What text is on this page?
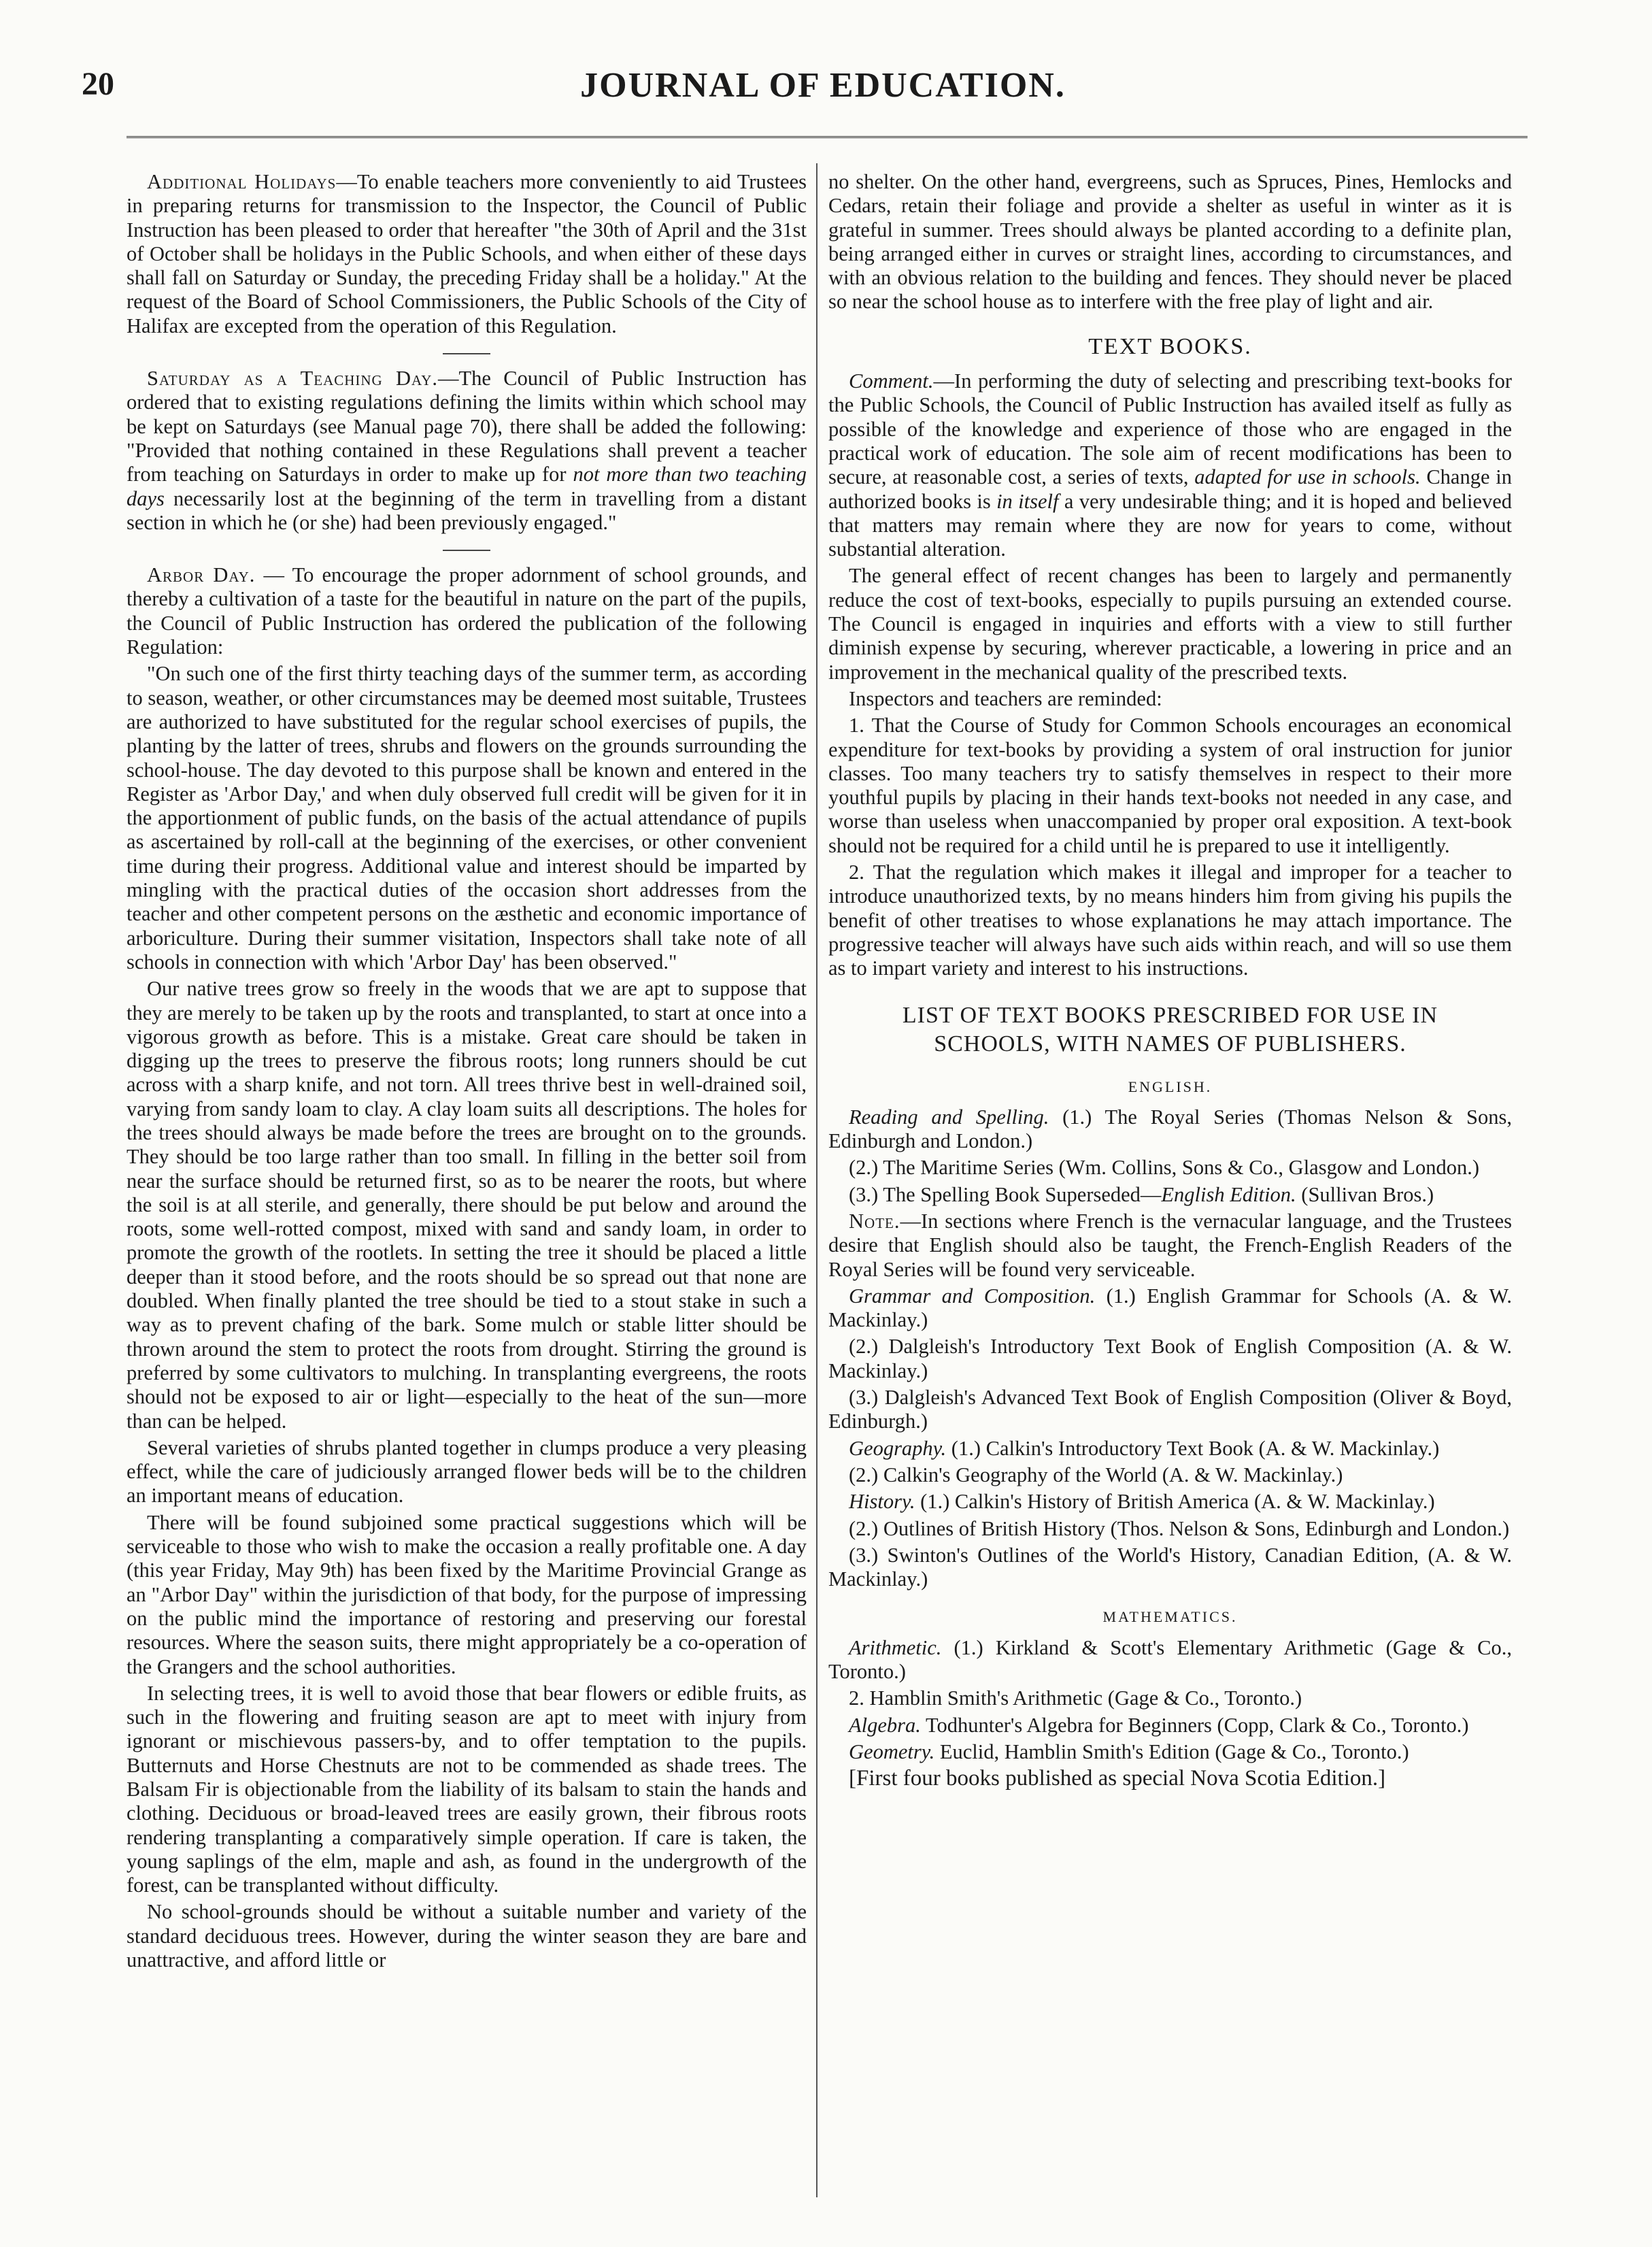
20	JOURNAL OF EDUCATION.

Additional Holidays—To enable teachers more conveniently to aid Trustees in preparing returns for transmission to the Inspector, the Council of Public Instruction has been pleased to order that hereafter "the 30th of April and the 31st of October shall be holidays in the Public Schools, and when either of these days shall fall on Saturday or Sunday, the preceding Friday shall be a holiday." At the request of the Board of School Commissioners, the Public Schools of the City of Halifax are excepted from the operation of this Regulation.

Saturday as a Teaching Day.—The Council of Public Instruction has ordered that to existing regulations defining the limits within which school may be kept on Saturdays (see Manual page 70), there shall be added the following: "Provided that nothing contained in these Regulations shall prevent a teacher from teaching on Saturdays in order to make up for not more than two teaching days necessarily lost at the beginning of the term in travelling from a distant section in which he (or she) had been previously engaged."

Arbor Day. — To encourage the proper adornment of school grounds, and thereby a cultivation of a taste for the beautiful in nature on the part of the pupils, the Council of Public Instruction has ordered the publication of the following Regulation:

"On such one of the first thirty teaching days of the summer term, as according to season, weather, or other circumstances may be deemed most suitable, Trustees are authorized to have substituted for the regular school exercises of pupils, the planting by the latter of trees, shrubs and flowers on the grounds surrounding the school-house. The day devoted to this purpose shall be known and entered in the Register as 'Arbor Day,' and when duly observed full credit will be given for it in the apportionment of public funds, on the basis of the actual attendance of pupils as ascertained by roll-call at the beginning of the exercises, or other convenient time during their progress. Additional value and interest should be imparted by mingling with the practical duties of the occasion short addresses from the teacher and other competent persons on the æsthetic and economic importance of arboriculture. During their summer visitation, Inspectors shall take note of all schools in connection with which 'Arbor Day' has been observed."

Our native trees grow so freely in the woods that we are apt to suppose that they are merely to be taken up by the roots and transplanted, to start at once into a vigorous growth as before. This is a mistake. Great care should be taken in digging up the trees to preserve the fibrous roots; long runners should be cut across with a sharp knife, and not torn. All trees thrive best in well-drained soil, varying from sandy loam to clay. A clay loam suits all descriptions. The holes for the trees should always be made before the trees are brought on to the grounds. They should be too large rather than too small. In filling in the better soil from near the surface should be returned first, so as to be nearer the roots, but where the soil is at all sterile, and generally, there should be put below and around the roots, some well-rotted compost, mixed with sand and sandy loam, in order to promote the growth of the rootlets. In setting the tree it should be placed a little deeper than it stood before, and the roots should be so spread out that none are doubled. When finally planted the tree should be tied to a stout stake in such a way as to prevent chafing of the bark. Some mulch or stable litter should be thrown around the stem to protect the roots from drought. Stirring the ground is preferred by some cultivators to mulching. In transplanting evergreens, the roots should not be exposed to air or light—especially to the heat of the sun—more than can be helped.

Several varieties of shrubs planted together in clumps produce a very pleasing effect, while the care of judiciously arranged flower beds will be to the children an important means of education.

There will be found subjoined some practical suggestions which will be serviceable to those who wish to make the occasion a really profitable one. A day (this year Friday, May 9th) has been fixed by the Maritime Provincial Grange as an "Arbor Day" within the jurisdiction of that body, for the purpose of impressing on the public mind the importance of restoring and preserving our forestal resources. Where the season suits, there might appropriately be a co-operation of the Grangers and the school authorities.

In selecting trees, it is well to avoid those that bear flowers or edible fruits, as such in the flowering and fruiting season are apt to meet with injury from ignorant or mischievous passers-by, and to offer temptation to the pupils. Butternuts and Horse Chestnuts are not to be commended as shade trees. The Balsam Fir is objectionable from the liability of its balsam to stain the hands and clothing. Deciduous or broad-leaved trees are easily grown, their fibrous roots rendering transplanting a comparatively simple operation. If care is taken, the young saplings of the elm, maple and ash, as found in the undergrowth of the forest, can be transplanted without difficulty.

No school-grounds should be without a suitable number and variety of the standard deciduous trees. However, during the winter season they are bare and unattractive, and afford little or

no shelter. On the other hand, evergreens, such as Spruces, Pines, Hemlocks and Cedars, retain their foliage and provide a shelter as useful in winter as it is grateful in summer. Trees should always be planted according to a definite plan, being arranged either in curves or straight lines, according to circumstances, and with an obvious relation to the building and fences. They should never be placed so near the school house as to interfere with the free play of light and air.

TEXT BOOKS.

Comment.—In performing the duty of selecting and prescribing text-books for the Public Schools, the Council of Public Instruction has availed itself as fully as possible of the knowledge and experience of those who are engaged in the practical work of education. The sole aim of recent modifications has been to secure, at reasonable cost, a series of texts, adapted for use in schools. Change in authorized books is in itself a very undesirable thing; and it is hoped and believed that matters may remain where they are now for years to come, without substantial alteration.

The general effect of recent changes has been to largely and permanently reduce the cost of text-books, especially to pupils pursuing an extended course. The Council is engaged in inquiries and efforts with a view to still further diminish expense by securing, wherever practicable, a lowering in price and an improvement in the mechanical quality of the prescribed texts.

Inspectors and teachers are reminded:

1. That the Course of Study for Common Schools encourages an economical expenditure for text-books by providing a system of oral instruction for junior classes. Too many teachers try to satisfy themselves in respect to their more youthful pupils by placing in their hands text-books not needed in any case, and worse than useless when unaccompanied by proper oral exposition. A text-book should not be required for a child until he is prepared to use it intelligently.

2. That the regulation which makes it illegal and improper for a teacher to introduce unauthorized texts, by no means hinders him from giving his pupils the benefit of other treatises to whose explanations he may attach importance. The progressive teacher will always have such aids within reach, and will so use them as to impart variety and interest to his instructions.

LIST OF TEXT BOOKS PRESCRIBED FOR USE IN
SCHOOLS, WITH NAMES OF PUBLISHERS.
ENGLISH.

Reading and Spelling. (1.) The Royal Series (Thomas Nelson & Sons, Edinburgh and London.)

(2.) The Maritime Series (Wm. Collins, Sons & Co., Glasgow and London.)

(3.) The Spelling Book Superseded—English Edition. (Sullivan Bros.)

Note.—In sections where French is the vernacular language, and the Trustees desire that English should also be taught, the French-English Readers of the Royal Series will be found very serviceable.

Grammar and Composition. (1.) English Grammar for Schools (A. & W. Mackinlay.)

(2.) Dalgleish's Introductory Text Book of English Composition (A. & W. Mackinlay.)

(3.) Dalgleish's Advanced Text Book of English Composition (Oliver & Boyd, Edinburgh.)

Geography. (1.) Calkin's Introductory Text Book (A. & W. Mackinlay.)

(2.) Calkin's Geography of the World (A. & W. Mackinlay.)

History. (1.) Calkin's History of British America (A. & W. Mackinlay.)

(2.) Outlines of British History (Thos. Nelson & Sons, Edinburgh and London.)

(3.) Swinton's Outlines of the World's History, Canadian Edition, (A. & W. Mackinlay.)

MATHEMATICS.

Arithmetic. (1.) Kirkland & Scott's Elementary Arithmetic (Gage & Co., Toronto.)

2. Hamblin Smith's Arithmetic (Gage & Co., Toronto.)

Algebra. Todhunter's Algebra for Beginners (Copp, Clark & Co., Toronto.)

Geometry. Euclid, Hamblin Smith's Edition (Gage & Co., Toronto.)

[First four books published as special Nova Scotia Edition.]
